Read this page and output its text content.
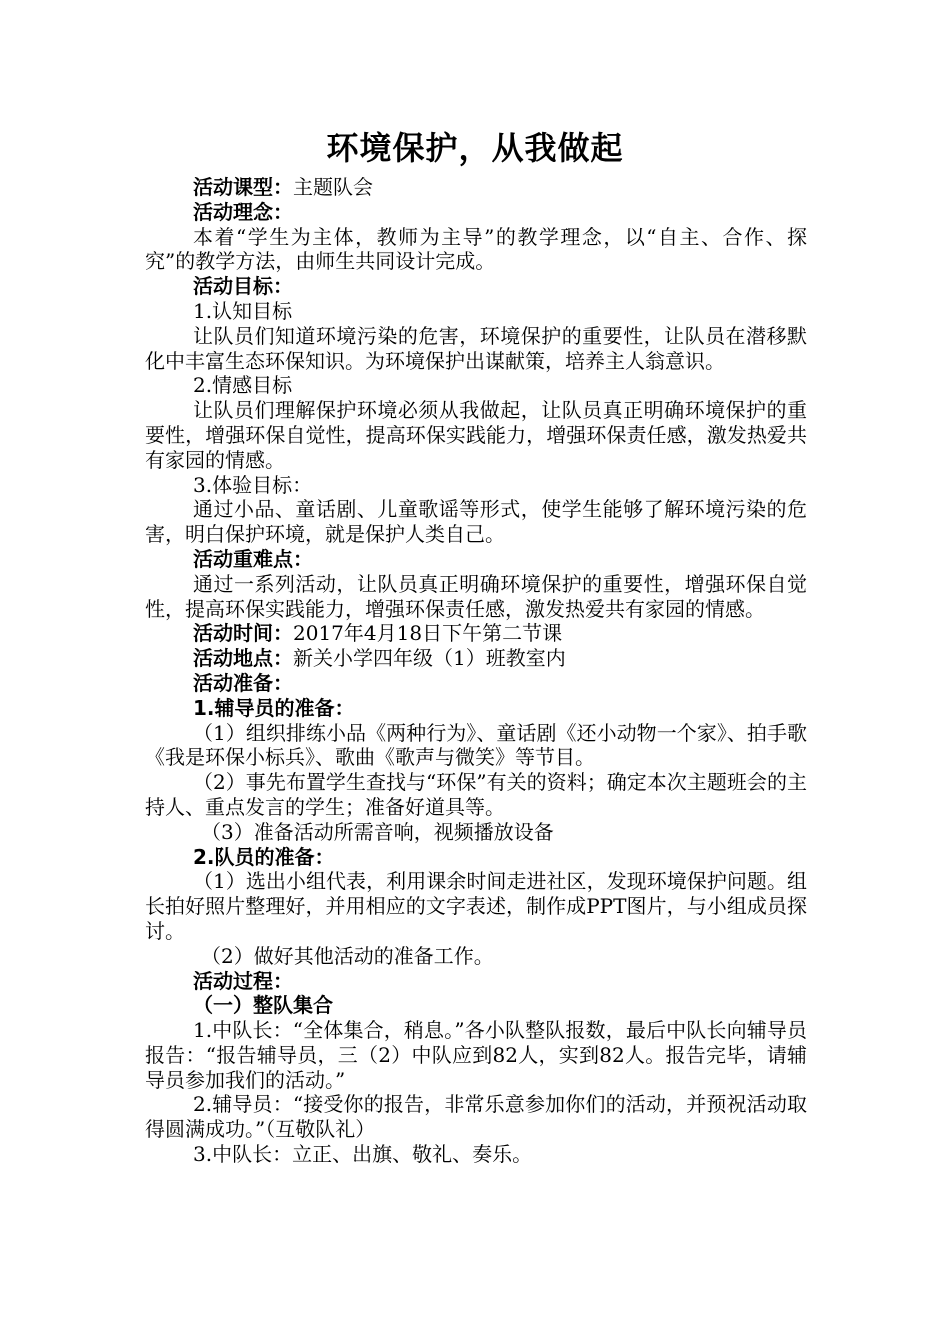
环境保护，从我做起

活动课型：主题队会

活动理念：

本着“学生为主体，教师为主导”的教学理念，以“自主、合作、探究”的教学方法，由师生共同设计完成。

活动目标：

1.认知目标

让队员们知道环境污染的危害，环境保护的重要性，让队员在潜移默化中丰富生态环保知识。为环境保护出谋献策，培养主人翁意识。

2.情感目标

让队员们理解保护环境必须从我做起，让队员真正明确环境保护的重要性，增强环保自觉性，提高环保实践能力，增强环保责任感，激发热爱共有家园的情感。

3.体验目标：

通过小品、童话剧、儿童歌谣等形式，使学生能够了解环境污染的危害，明白保护环境，就是保护人类自己。

活动重难点：

通过一系列活动，让队员真正明确环境保护的重要性，增强环保自觉性，提高环保实践能力，增强环保责任感，激发热爱共有家园的情感。

活动时间：2017年4月18日下午第二节课

活动地点：新关小学四年级（1）班教室内

活动准备：

1.辅导员的准备：

（1）组织排练小品《两种行为》、童话剧《还小动物一个家》、拍手歌《我是环保小标兵》、歌曲《歌声与微笑》等节目。

（2）事先布置学生查找与“环保”有关的资料；确定本次主题班会的主持人、重点发言的学生；准备好道具等。

（3）准备活动所需音响，视频播放设备

2.队员的准备：

（1）选出小组代表，利用课余时间走进社区，发现环境保护问题。组长拍好照片整理好，并用相应的文字表述，制作成PPT图片，与小组成员探讨。

（2）做好其他活动的准备工作。

活动过程：

（一）整队集合

1.中队长：“全体集合，稍息。”各小队整队报数，最后中队长向辅导员报告：“报告辅导员，三（2）中队应到82人，实到82人。报告完毕，请辅导员参加我们的活动。”

2.辅导员：“接受你的报告，非常乐意参加你们的活动，并预祝活动取得圆满成功。”（互敬队礼）

3.中队长：立正、出旗、敬礼、奏乐。
